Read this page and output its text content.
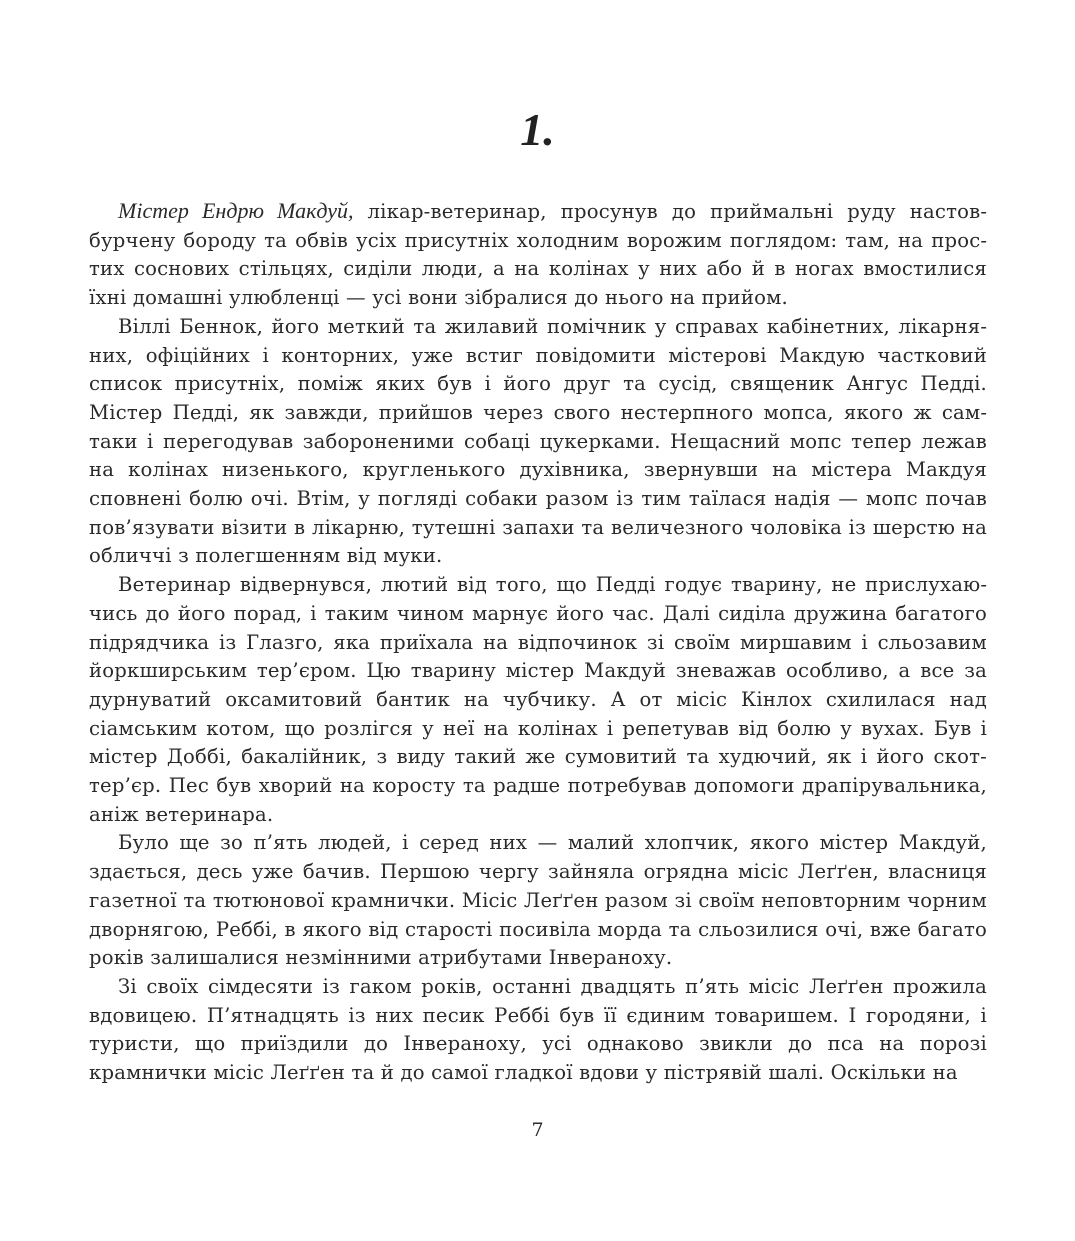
1.

Містер Ендрю Макдуй, лікар-ветеринар, просунув до приймальні руду настовбурчену бороду та обвів усіх присутніх холодним ворожим поглядом: там, на простих соснових стільцях, сиділи люди, а на колінах у них або й в ногах вмостилися їхні домашні улюбленці — усі вони зібралися до нього на прийом.

Віллі Беннок, його меткий та жилавий помічник у справах кабінетних, лікарняних, офіційних і конторних, уже встиг повідомити містерові Макдую частковий список присутніх, поміж яких був і його друг та сусід, священик Ангус Педді. Містер Педді, як завжди, прийшов через свого нестерпного мопса, якого ж самтаки і перегодував забороненими собаці цукерками. Нещасний мопс тепер лежав на колінах низенького, кругленького духівника, звернувши на містера Макдуя сповнені болю очі. Втім, у погляді собаки разом із тим таїлася надія — мопс почав пов’язувати візити в лікарню, тутешні запахи та величезного чоловіка із шерстю на обличчі з полегшенням від муки.

Ветеринар відвернувся, лютий від того, що Педді годує тварину, не прислухаючись до його порад, і таким чином марнує його час. Далі сиділа дружина багатого підрядчика із Глазго, яка приїхала на відпочинок зі своїм миршавим і сльозавим йоркширським тер’єром. Цю тварину містер Макдуй зневажав особливо, а все за дурнуватий оксамитовий бантик на чубчику. А от місіс Кінлох схилилася над сіамським котом, що розлігся у неї на колінах і репетував від болю у вухах. Був і містер Доббі, бакалійник, з виду такий же сумовитий та худючий, як і його скот-тер’єр. Пес був хворий на коросту та радше потребував допомоги драпірувальника, аніж ветеринара.

Було ще зо п’ять людей, і серед них — малий хлопчик, якого містер Макдуй, здається, десь уже бачив. Першою чергу зайняла огрядна місіс Леґґен, власниця газетної та тютюнової крамнички. Місіс Леґґен разом зі своїм неповторним чорним дворнягою, Реббі, в якого від старості посивіла морда та сльозилися очі, вже багато років залишалися незмінними атрибутами Інвераноху.

Зі своїх сімдесяти із гаком років, останні двадцять п’ять місіс Леґґен прожила вдовицею. П’ятнадцять із них песик Реббі був її єдиним товаришем. І городяни, і туристи, що приїздили до Інвераноху, усі однаково звикли до пса на порозі крамнички місіс Леґґен та й до самої гладкої вдови у пістрявій шалі. Оскільки на

7
